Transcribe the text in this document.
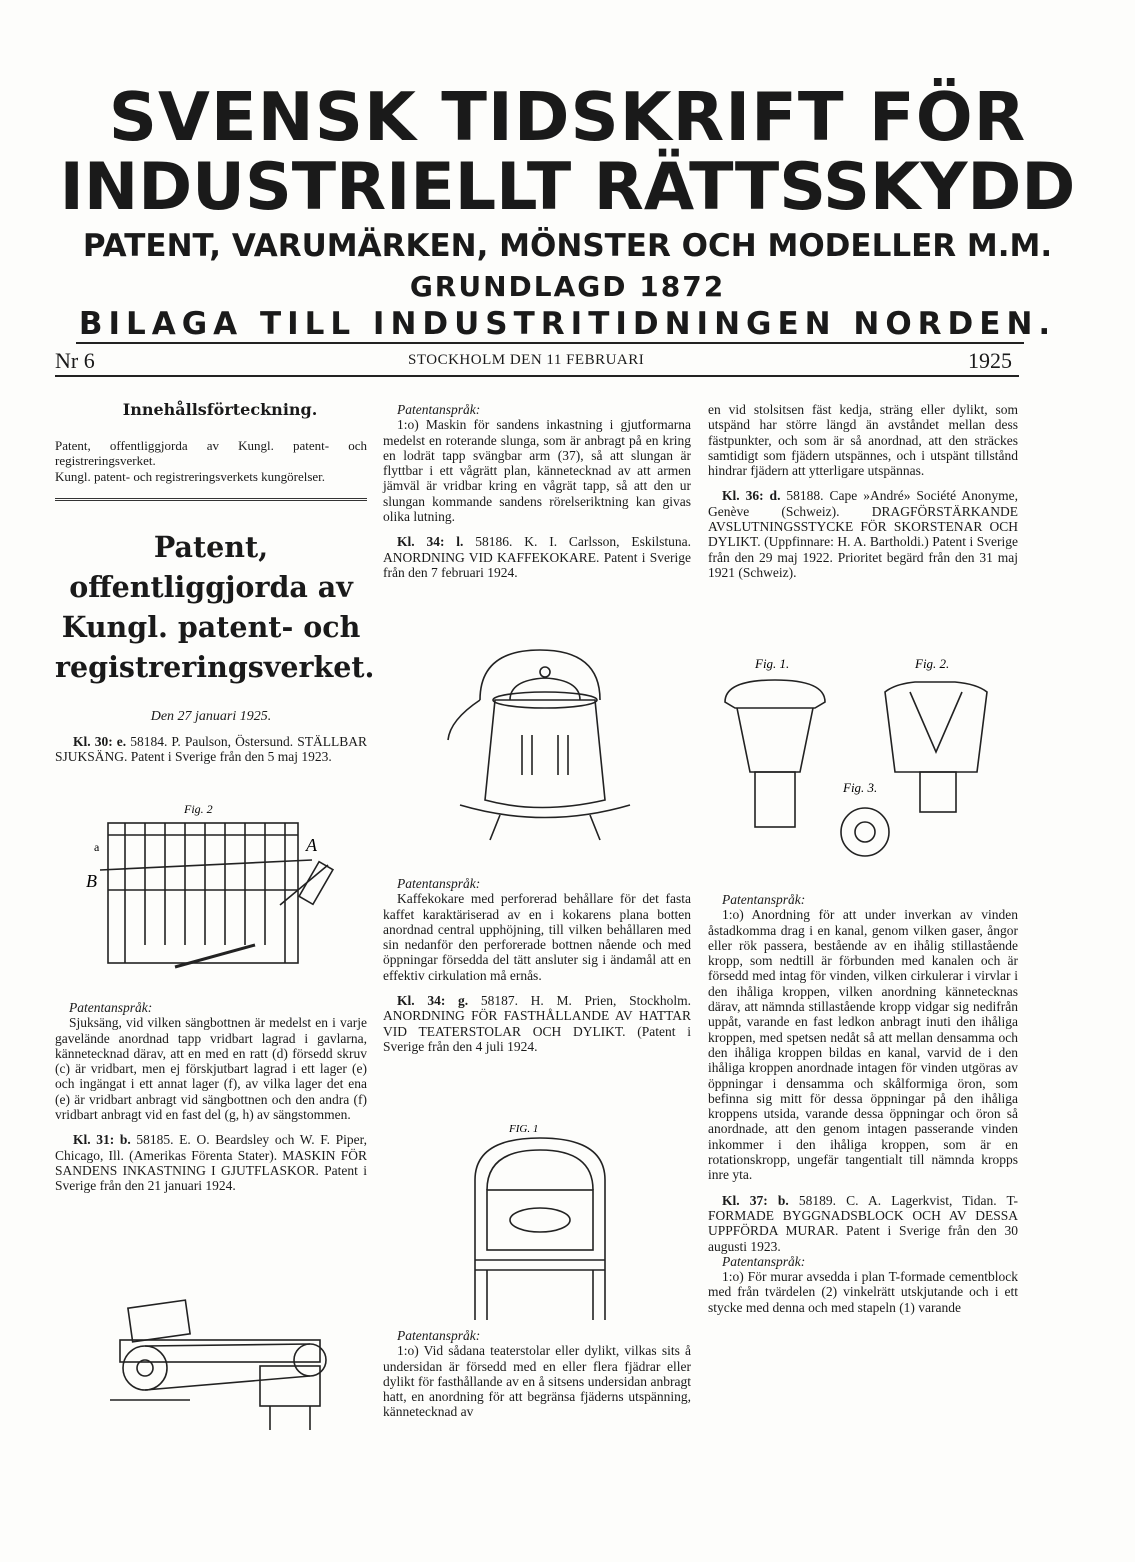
SVENSK TIDSKRIFT FÖR
INDUSTRIELLT RÄTTSSKYDD
PATENT, VARUMÄRKEN, MÖNSTER OCH MODELLER M.M.
GRUNDLAGD 1872
BILAGA TILL INDUSTRITIDNINGEN NORDEN.
Nr 6	STOCKHOLM DEN 11 FEBRUARI	1925

Innehållsförteckning.

Patent, offentliggjorda av Kungl. patent- och registreringsverket.

Kungl. patent- och registreringsverkets kungörelser.

Patent, offentliggjorda av Kungl. patent- och registreringsverket.

Den 27 januari 1925.

Kl. 30: e. 58184. P. Paulson, Östersund. STÄLLBAR SJUKSÄNG. Patent i Sverige från den 5 maj 1923.

Fig. 2
a
B
A

Patentanspråk:

Sjuksäng, vid vilken sängbottnen är medelst en i varje gavelände anordnad tapp vridbart lagrad i gavlarna, kännetecknad därav, att en med en ratt (d) försedd skruv (c) är vridbart, men ej förskjutbart lagrad i ett lager (e) och ingängat i ett annat lager (f), av vilka lager det ena (e) är vridbart anbragt vid sängbottnen och den andra (f) vridbart anbragt vid en fast del (g, h) av sängstommen.

Kl. 31: b. 58185. E. O. Beardsley och W. F. Piper, Chicago, Ill. (Amerikas Förenta Stater). MASKIN FÖR SANDENS INKASTNING I GJUTFLASKOR. Patent i Sverige från den 21 januari 1924.

Patentanspråk:

1:o) Maskin för sandens inkastning i gjutformarna medelst en roterande slunga, som är anbragt på en kring en lodrät tapp svängbar arm (37), så att slungan är flyttbar i ett vågrätt plan, kännetecknad av att armen jämväl är vridbar kring en vågrät tapp, så att den ur slungan kommande sandens rörelseriktning kan givas olika lutning.

Kl. 34: l. 58186. K. I. Carlsson, Eskilstuna. ANORDNING VID KAFFEKOKARE. Patent i Sverige från den 7 februari 1924.

Patentanspråk:

Kaffekokare med perforerad behållare för det fasta kaffet karaktäriserad av en i kokarens plana botten anordnad central upphöjning, till vilken behållaren med sin nedanför den perforerade bottnen nående och med öppningar försedda del tätt ansluter sig i ändamål att en effektiv cirkulation må ernås.

Kl. 34: g. 58187. H. M. Prien, Stockholm. ANORDNING FÖR FASTHÅLLANDE AV HATTAR VID TEATERSTOLAR OCH DYLIKT. (Patent i Sverige från den 4 juli 1924.

FIG. 1

Patentanspråk:

1:o) Vid sådana teaterstolar eller dylikt, vilkas sits å undersidan är försedd med en eller flera fjädrar eller dylikt för fasthållande av en å sitsens undersidan anbragt hatt, en anordning för att begränsa fjäderns utspänning, kännetecknad av

en vid stolsitsen fäst kedja, sträng eller dylikt, som utspänd har större längd än avståndet mellan dess fästpunkter, och som är så anordnad, att den sträckes samtidigt som fjädern utspännes, och i utspänt tillstånd hindrar fjädern att ytterligare utspännas.

Kl. 36: d. 58188. Cape »André» Société Anonyme, Genève (Schweiz). DRAGFÖRSTÄRKANDE AVSLUTNINGSSTYCKE FÖR SKORSTENAR OCH DYLIKT. (Uppfinnare: H. A. Bartholdi.) Patent i Sverige från den 29 maj 1922. Prioritet begärd från den 31 maj 1921 (Schweiz).

Fig. 1.	Fig. 2.
Fig. 3.

Patentanspråk:

1:o) Anordning för att under inverkan av vinden åstadkomma drag i en kanal, genom vilken gaser, ångor eller rök passera, bestående av en ihålig stillastående kropp, som nedtill är förbunden med kanalen och är försedd med intag för vinden, vilken cirkulerar i virvlar i den ihåliga kroppen, vilken anordning kännetecknas därav, att nämnda stillastående kropp vidgar sig nedifrån uppåt, varande en fast ledkon anbragt inuti den ihåliga kroppen, med spetsen nedåt så att mellan densamma och den ihåliga kroppen bildas en kanal, varvid de i den ihåliga kroppen anordnade intagen för vinden utgöras av öppningar i densamma och skålformiga öron, som befinna sig mitt för dessa öppningar på den ihåliga kroppens utsida, varande dessa öppningar och öron så anordnade, att den genom intagen passerande vinden inkommer i den ihåliga kroppen, som är en rotationskropp, ungefär tangentialt till nämnda kropps inre yta.

Kl. 37: b. 58189. C. A. Lagerkvist, Tidan. T-FORMADE BYGGNADSBLOCK OCH AV DESSA UPPFÖRDA MURAR. Patent i Sverige från den 30 augusti 1923.

Patentanspråk:

1:o) För murar avsedda i plan T-formade cementblock med från tvärdelen (2) vinkelrätt utskjutande och i ett stycke med denna och med stapeln (1) varande
